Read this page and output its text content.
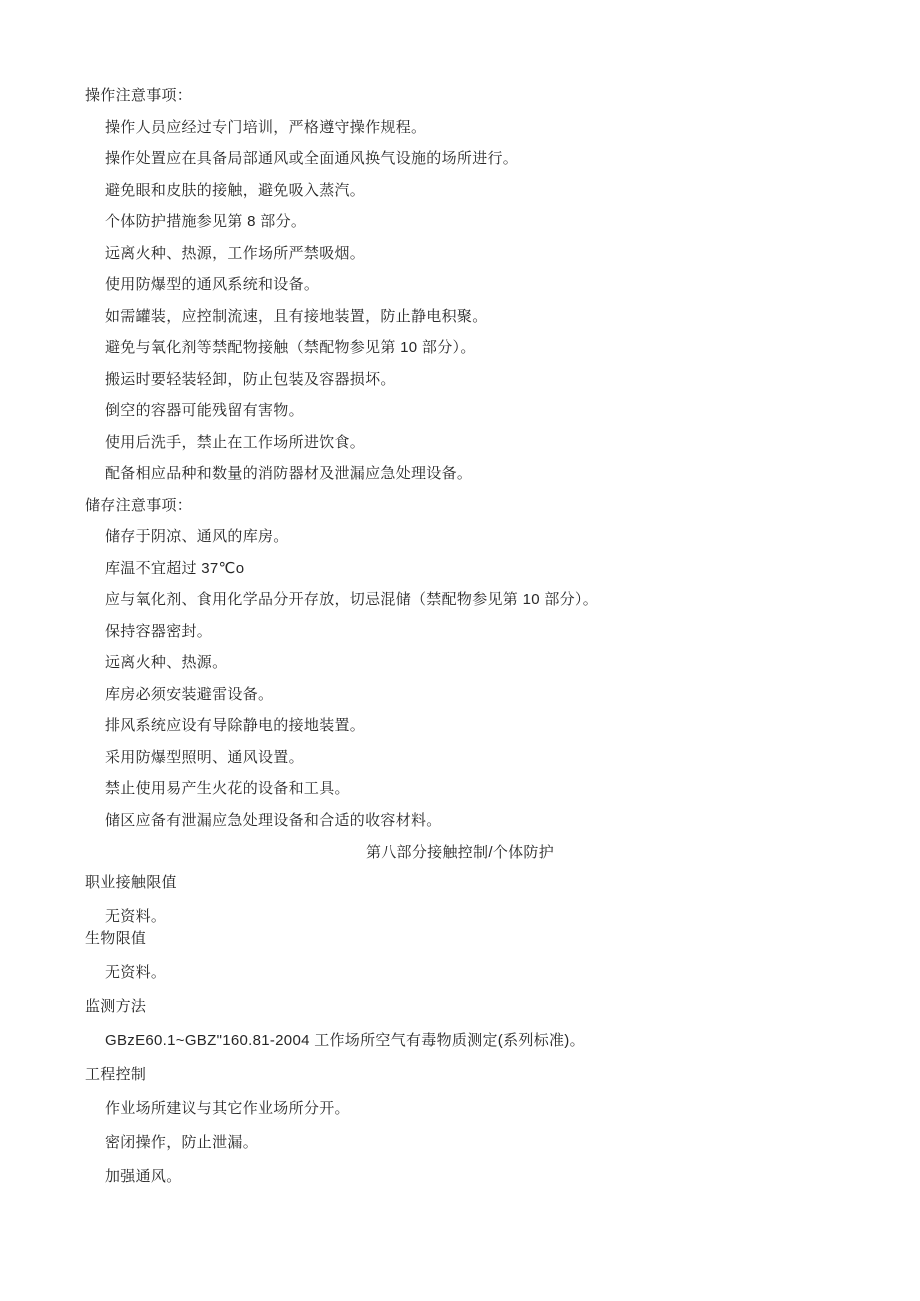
操作注意事项：

操作人员应经过专门培训，严格遵守操作规程。

操作处置应在具备局部通风或全面通风换气设施的场所进行。

避免眼和皮肤的接触，避免吸入蒸汽。

个体防护措施参见第 8 部分。

远离火种、热源，工作场所严禁吸烟。

使用防爆型的通风系统和设备。

如需罐装，应控制流速，且有接地装置，防止静电积聚。

避免与氧化剂等禁配物接触（禁配物参见第 10 部分）。

搬运时要轻装轻卸，防止包装及容器损坏。

倒空的容器可能残留有害物。

使用后洗手，禁止在工作场所进饮食。

配备相应品种和数量的消防器材及泄漏应急处理设备。

储存注意事项：

储存于阴凉、通风的库房。

库温不宜超过 37℃o

应与氧化剂、食用化学品分开存放，切忌混储（禁配物参见第 10 部分）。

保持容器密封。

远离火种、热源。

库房必须安装避雷设备。

排风系统应设有导除静电的接地装置。

采用防爆型照明、通风设置。

禁止使用易产生火花的设备和工具。

储区应备有泄漏应急处理设备和合适的收容材料。

第八部分接触控制/个体防护

职业接触限值

无资料。

生物限值

无资料。

监测方法

GBzE60.1~GBZ"160.81-2004 工作场所空气有毒物质测定(系列标准)。

工程控制

作业场所建议与其它作业场所分开。

密闭操作，防止泄漏。

加强通风。
